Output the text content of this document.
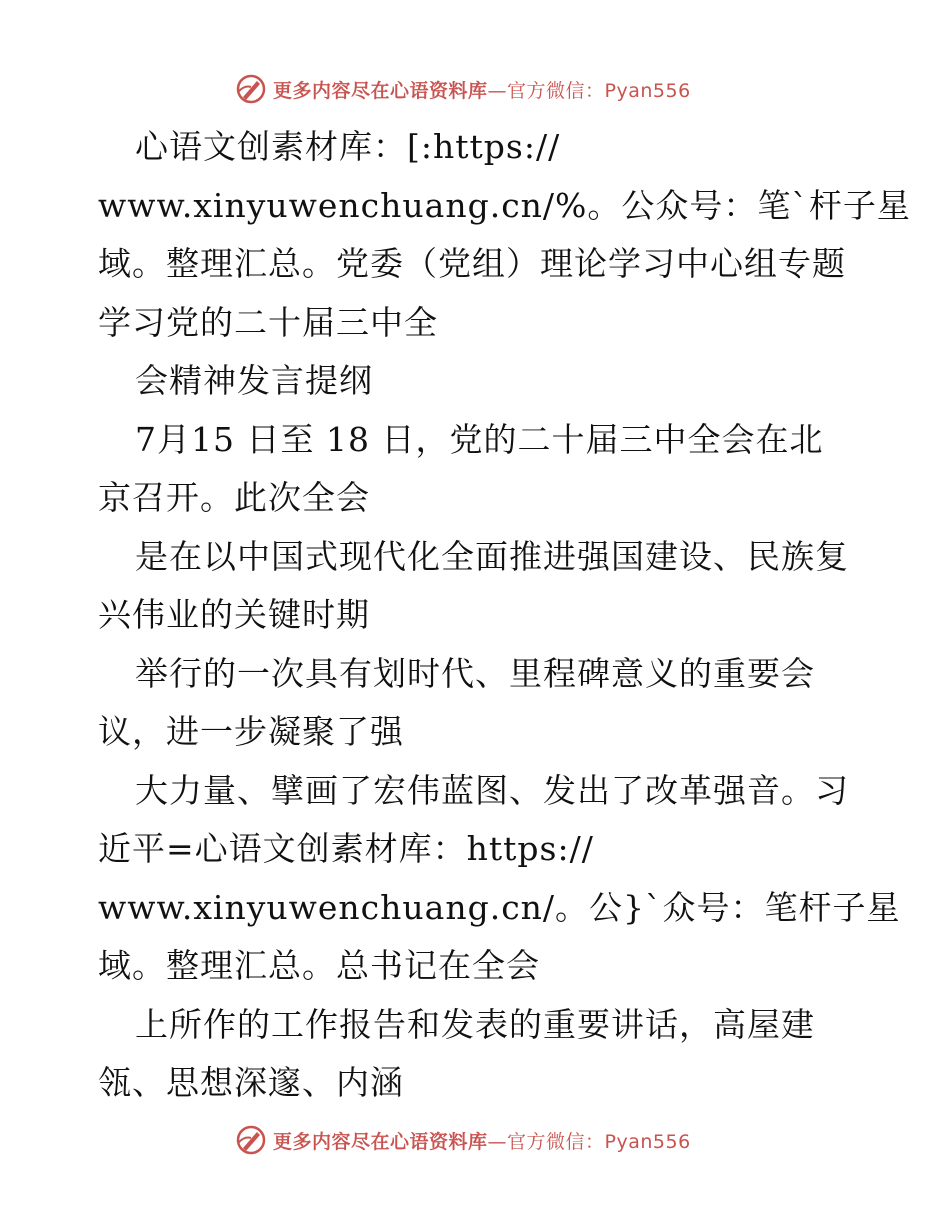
更多内容尽在心语资料库—官方微信：Pyan556
心语文创素材库：[:https://
www.xinyuwenchuang.cn/%。公众号：笔`杆子星
域。整理汇总。党委（党组）理论学习中心组专题
学习党的二十届三中全
会精神发言提纲
7月15 日至 18 日，党的二十届三中全会在北
京召开。此次全会
是在以中国式现代化全面推进强国建设、民族复
兴伟业的关键时期
举行的一次具有划时代、里程碑意义的重要会
议，进一步凝聚了强
大力量、擘画了宏伟蓝图、发出了改革强音。习
近平=心语文创素材库：https://
www.xinyuwenchuang.cn/。公}`众号：笔杆子星
域。整理汇总。总书记在全会
上所作的工作报告和发表的重要讲话，高屋建
瓴、思想深邃、内涵
更多内容尽在心语资料库—官方微信：Pyan556
